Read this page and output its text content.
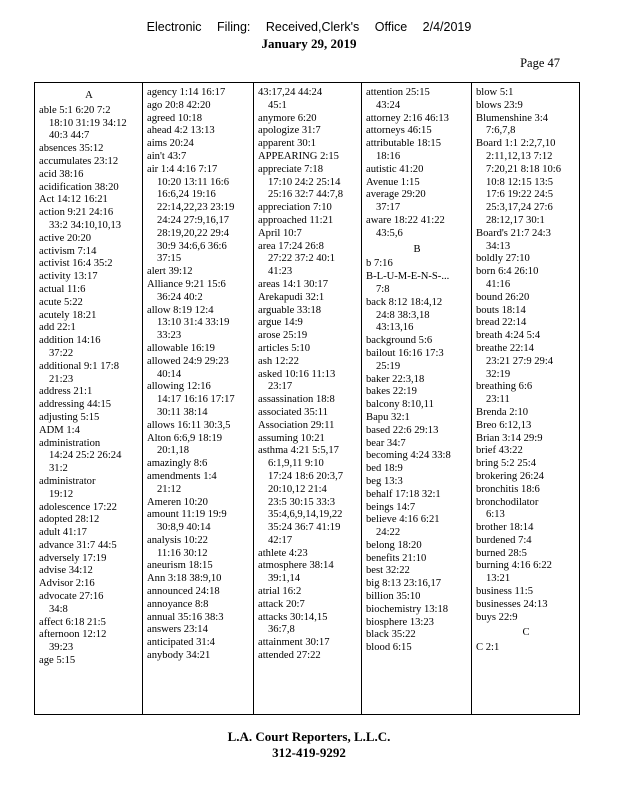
Electronic Filing: Received,Clerk's Office 2/4/2019
January 29, 2019
Page 47
A
able 5:1 6:20 7:2
18:10 31:19 34:12
40:3 44:7
absences 35:12
accumulates 23:12
acid 38:16
acidification 38:20
Act 14:12 16:21
action 9:21 24:16
33:2 34:10,10,13
active 20:20
activism 7:14
activist 16:4 35:2
activity 13:17
actual 11:6
acute 5:22
acutely 18:21
add 22:1
addition 14:16
37:22
additional 9:1 17:8
21:23
address 21:1
addressing 44:15
adjusting 5:15
ADM 1:4
administration
14:24 25:2 26:24
31:2
administrator
19:12
adolescence 17:22
adopted 28:12
adult 41:17
advance 31:7 44:5
adversely 17:19
advise 34:12
Advisor 2:16
advocate 27:16
34:8
affect 6:18 21:5
afternoon 12:12
39:23
age 5:15
agency 1:14 16:17
ago 20:8 42:20
agreed 10:18
ahead 4:2 13:13
aims 20:24
ain't 43:7
air 1:4 4:16 7:17
10:20 13:11 16:6
16:6,24 19:16
22:14,22,23 23:19
24:24 27:9,16,17
28:19,20,22 29:4
30:9 34:6,6 36:6
37:15
alert 39:12
Alliance 9:21 15:6
36:24 40:2
allow 8:19 12:4
13:10 31:4 33:19
33:23
allowable 16:19
allowed 24:9 29:23
40:14
allowing 12:16
14:17 16:16 17:17
30:11 38:14
allows 16:11 30:3,5
Alton 6:6,9 18:19
20:1,18
amazingly 8:6
amendments 1:4
21:12
Ameren 10:20
amount 11:19 19:9
30:8,9 40:14
analysis 10:22
11:16 30:12
aneurism 18:15
Ann 3:18 38:9,10
announced 24:18
annoyance 8:8
annual 35:16 38:3
answers 23:14
anticipated 31:4
anybody 34:21
43:17,24 44:24
45:1
anymore 6:20
apologize 31:7
apparent 30:1
APPEARING 2:15
appreciate 7:18
17:10 24:2 25:14
25:16 32:7 44:7,8
appreciation 7:10
approached 11:21
April 10:7
area 17:24 26:8
27:22 37:2 40:1
41:23
areas 14:1 30:17
Arekapudi 32:1
arguable 33:18
argue 14:9
arose 25:19
articles 5:10
ash 12:22
asked 10:16 11:13
23:17
assassination 18:8
associated 35:11
Association 29:11
assuming 10:21
asthma 4:21 5:5,17
6:1,9,11 9:10
17:24 18:6 20:3,7
20:10,12 21:4
23:5 30:15 33:3
35:4,6,9,14,19,22
35:24 36:7 41:19
42:17
athlete 4:23
atmosphere 38:14
39:1,14
atrial 16:2
attack 20:7
attacks 30:14,15
36:7,8
attainment 30:17
attended 27:22
attention 25:15
43:24
attorney 2:16 46:13
attorneys 46:15
attributable 18:15
18:16
autistic 41:20
Avenue 1:15
average 29:20
37:17
aware 18:22 41:22
43:5,6
B
b 7:16
B-L-U-M-E-N-S-...
7:8
back 8:12 18:4,12
24:8 38:3,18
43:13,16
background 5:6
bailout 16:16 17:3
25:19
baker 22:3,18
bakes 22:19
balcony 8:10,11
Bapu 32:1
based 22:6 29:13
bear 34:7
becoming 4:24 33:8
bed 18:9
beg 13:3
behalf 17:18 32:1
beings 14:7
believe 4:16 6:21
24:22
belong 18:20
benefits 21:10
best 32:22
big 8:13 23:16,17
billion 35:10
biochemistry 13:18
biosphere 13:23
black 35:22
blood 6:15
blow 5:1
blows 23:9
Blumenshine 3:4
7:6,7,8
Board 1:1 2:2,7,10
2:11,12,13 7:12
7:20,21 8:18 10:6
10:8 12:15 13:5
17:6 19:22 24:5
25:3,17,24 27:6
28:12,17 30:1
Board's 21:7 24:3
34:13
boldly 27:10
born 6:4 26:10
41:16
bound 26:20
bouts 18:14
bread 22:14
breath 4:24 5:4
breathe 22:14
23:21 27:9 29:4
32:19
breathing 6:6
23:11
Brenda 2:10
Breo 6:12,13
Brian 3:14 29:9
brief 43:22
bring 5:2 25:4
brokering 26:24
bronchitis 18:6
bronchodilator
6:13
brother 18:14
burdened 7:4
burned 28:5
burning 4:16 6:22
13:21
business 11:5
businesses 24:13
buys 22:9
C
C 2:1
L.A. Court Reporters, L.L.C.
312-419-9292
